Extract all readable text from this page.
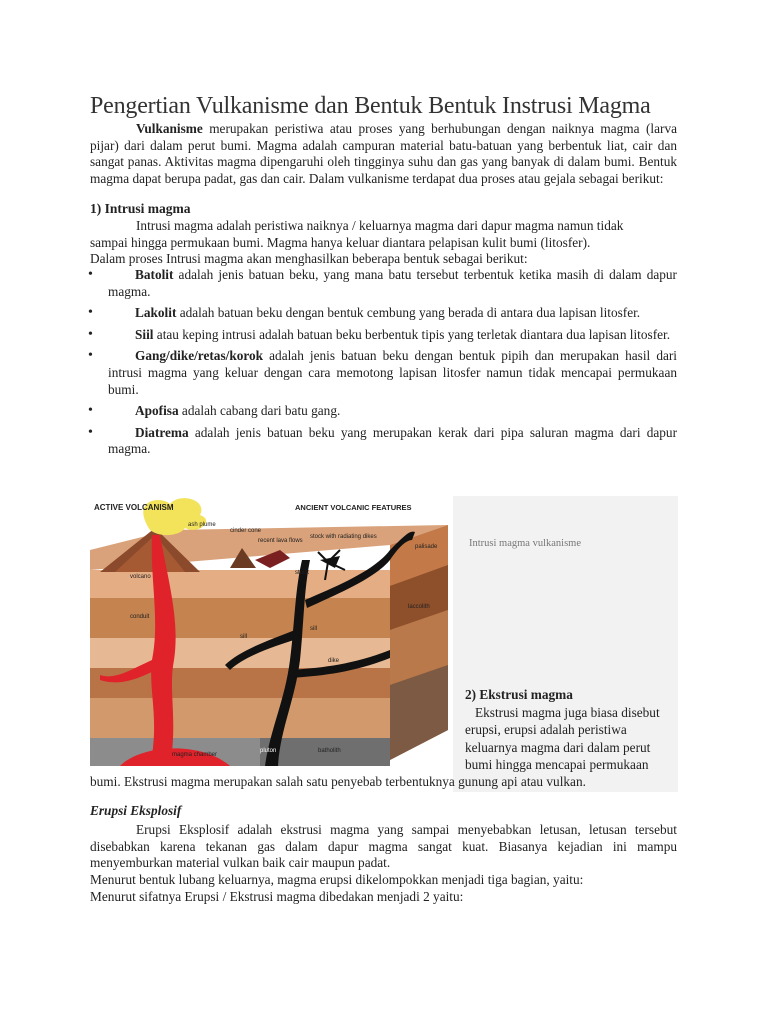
Pengertian Vulkanisme dan Bentuk Bentuk Instrusi Magma
Vulkanisme merupakan peristiwa atau proses yang berhubungan dengan naiknya magma (larva pijar) dari dalam perut bumi. Magma adalah campuran material batu-batuan yang berbentuk liat, cair dan sangat panas. Aktivitas magma dipengaruhi oleh tingginya suhu dan gas yang banyak di dalam bumi. Bentuk magma dapat berupa padat, gas dan cair. Dalam vulkanisme terdapat dua proses atau gejala sebagai berikut:
1) Intrusi magma
Intrusi magma adalah peristiwa naiknya / keluarnya magma dari dapur magma namun tidak
sampai hingga permukaan bumi. Magma hanya keluar diantara pelapisan kulit bumi (litosfer).
Dalam proses Intrusi magma akan menghasilkan beberapa bentuk sebagai berikut:
•	Batolit adalah jenis batuan beku, yang mana batu tersebut terbentuk ketika masih di dalam dapur magma.
•	Lakolit adalah batuan beku dengan bentuk cembung yang berada di antara dua lapisan litosfer.
•	Siil atau keping intrusi adalah batuan beku berbentuk tipis yang terletak diantara dua lapisan litosfer.
•	Gang/dike/retas/korok adalah jenis batuan beku dengan bentuk pipih dan merupakan hasil dari intrusi magma yang keluar dengan cara memotong lapisan litosfer namun tidak mencapai permukaan bumi.
•	Apofisa adalah cabang dari batu gang.
•	Diatrema adalah jenis batuan beku yang merupakan kerak dari pipa saluran magma dari dapur magma.
Intrusi magma vulkanisme
ACTIVE VOLCANISM
ash plume
cinder cone
recent lava flows
ANCIENT VOLCANIC FEATURES
stock with radiating dikes
palisade
volcano
stock
conduit
laccolith
sill
sill
dike
magma chamber
pluton	batholith
2) Ekstrusi magma
Ekstrusi magma juga biasa disebut
erupsi, erupsi adalah peristiwa
keluarnya magma dari dalam perut
bumi hingga mencapai permukaan
bumi. Ekstrusi magma merupakan salah satu penyebab terbentuknya gunung api atau vulkan.
Erupsi Eksplosif
Erupsi Eksplosif adalah ekstrusi magma yang sampai menyebabkan letusan, letusan tersebut disebabkan karena tekanan gas dalam dapur magma sangat kuat. Biasanya kejadian ini mampu menyemburkan material vulkan baik cair maupun padat.
Menurut bentuk lubang keluarnya, magma erupsi dikelompokkan menjadi tiga bagian, yaitu:
Menurut sifatnya Erupsi / Ekstrusi magma dibedakan menjadi 2 yaitu:
